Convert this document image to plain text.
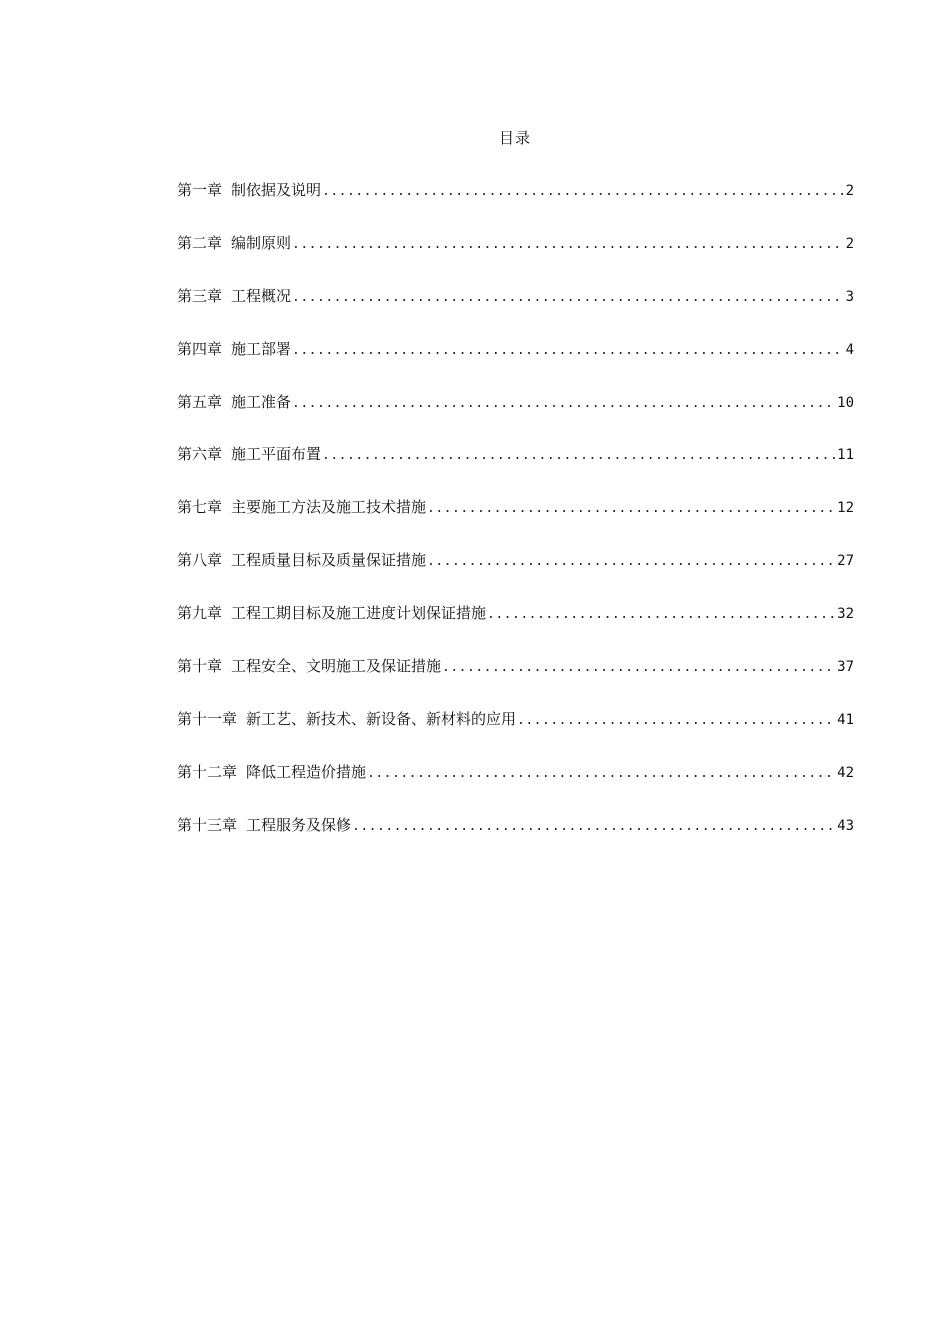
目录
第一章 制依据及说明 .....	2
第二章 编制原则 .....	2
第三章 工程概况 .....	3
第四章 施工部署 .....	4
第五章 施工准备 .....	10
第六章 施工平面布置 .....	11
第七章 主要施工方法及施工技术措施 .....	12
第八章 工程质量目标及质量保证措施 .....	27
第九章 工程工期目标及施工进度计划保证措施 .....	32
第十章 工程安全、文明施工及保证措施 .....	37
第十一章 新工艺、新技术、新设备、新材料的应用 .....	41
第十二章 降低工程造价措施 .....	42
第十三章 工程服务及保修 .....	43
